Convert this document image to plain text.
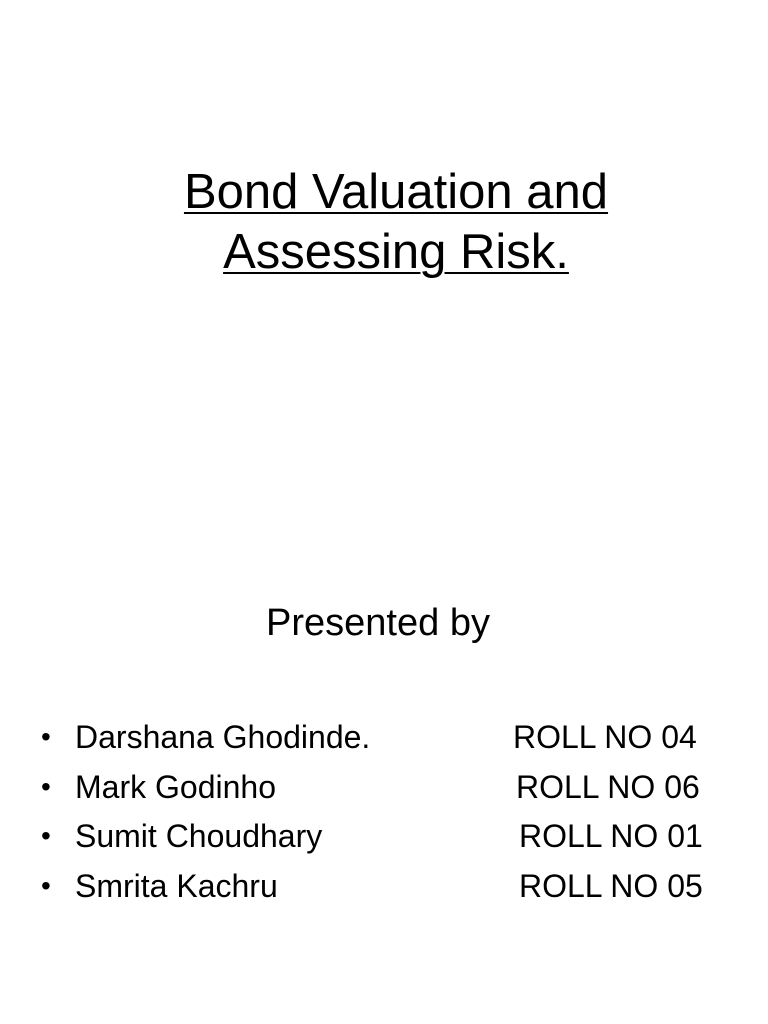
Bond Valuation and
Assessing Risk.
Presented by
• Darshana Ghodinde.	ROLL NO 04
• Mark Godinho	ROLL NO 06
• Sumit Choudhary	ROLL NO 01
• Smrita Kachru	ROLL NO 05
